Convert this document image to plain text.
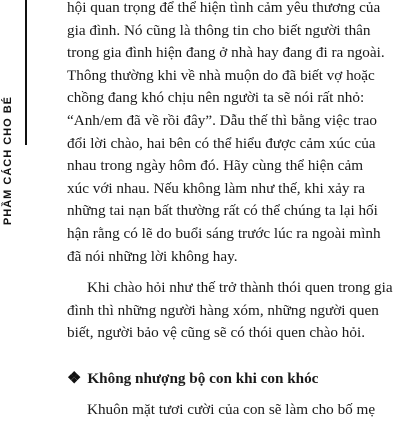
PHẦM CÁCH CHO BÉ

hội quan trọng để thể hiện tình cảm yêu thương của

gia đình. Nó cũng là thông tin cho biết người thân

trong gia đình hiện đang ở nhà hay đang đi ra ngoài.

Thông thường khi về nhà muộn do đã biết vợ hoặc

chồng đang khó chịu nên người ta sẽ nói rất nhỏ:

“Anh/em đã về rồi đây”. Dẫu thế thì bằng việc trao

đổi lời chào, hai bên có thể hiểu được cảm xúc của

nhau trong ngày hôm đó. Hãy cùng thể hiện cảm

xúc với nhau. Nếu không làm như thế, khi xảy ra

những tai nạn bất thường rất có thể chúng ta lại hối

hận rằng có lẽ do buổi sáng trước lúc ra ngoài mình

đã nói những lời không hay.

Khi chào hỏi như thế trở thành thói quen trong gia

đình thì những người hàng xóm, những người quen

biết, người bảo vệ cũng sẽ có thói quen chào hỏi.

❖ Không nhượng bộ con khi con khóc
Khuôn mặt tươi cười của con sẽ làm cho bố mẹ
